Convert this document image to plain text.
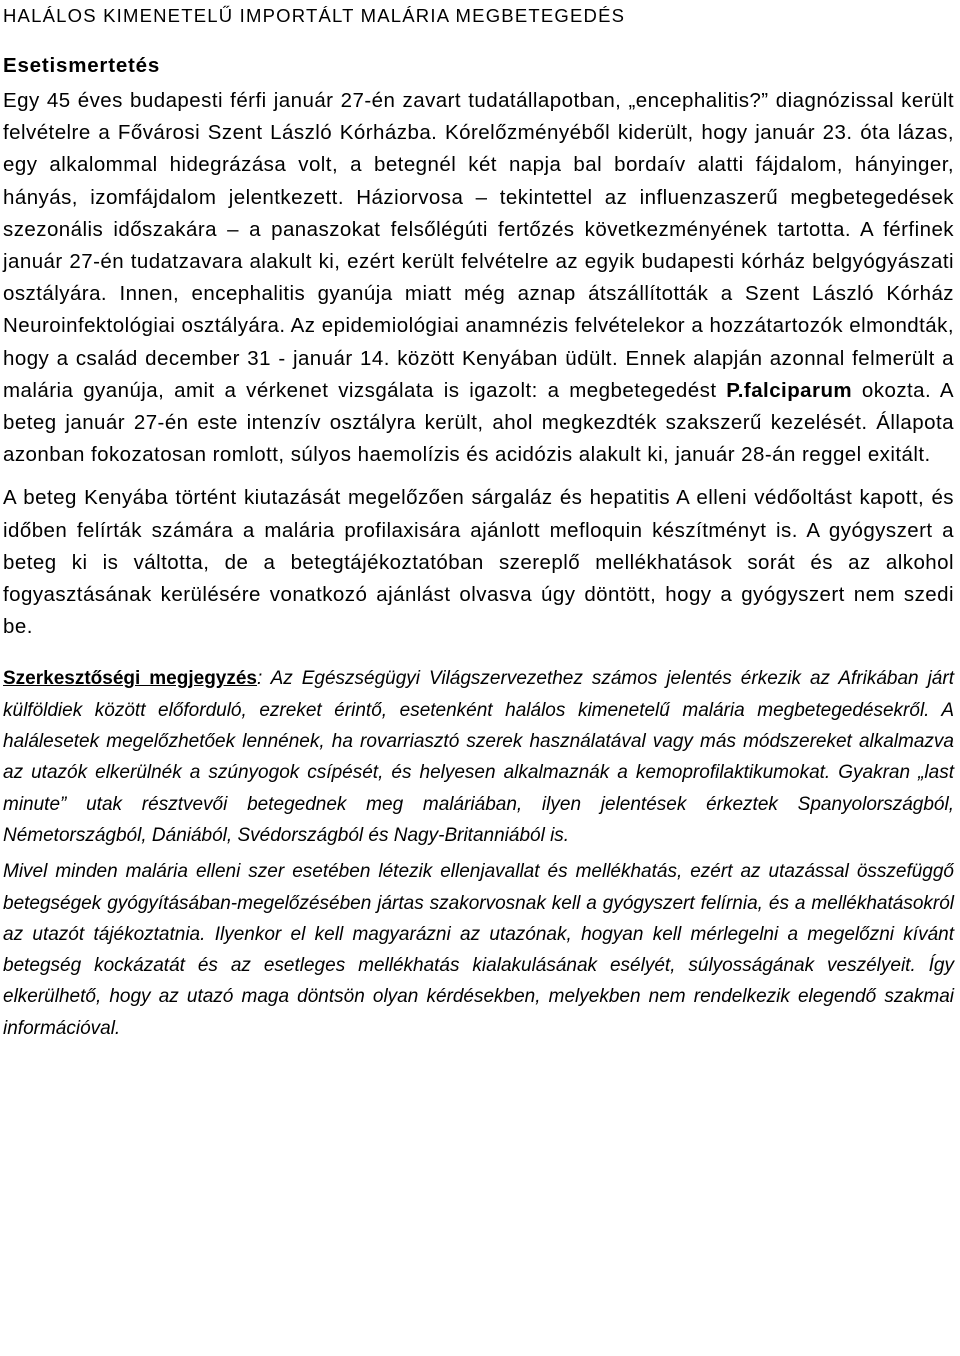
HALÁLOS KIMENETELŰ IMPORTÁLT MALÁRIA MEGBETEGEDÉS
Esetismertetés

Egy 45 éves budapesti férfi január 27-én zavart tudatállapotban, „encephalitis?” diagnózissal került felvételre a Fővárosi Szent László Kórházba. Kórelőzményéből kiderült, hogy január 23. óta lázas, egy alkalommal hidegrázása volt, a betegnél két napja bal bordaív alatti fájdalom, hányinger, hányás, izomfájdalom jelentkezett. Háziorvosa – tekintettel az influenzaszerű megbetegedések szezonális időszakára – a panaszokat felsőlégúti fertőzés következményének tartotta. A férfinek január 27-én tudatzavara alakult ki, ezért került felvételre az egyik budapesti kórház belgyógyászati osztályára. Innen, encephalitis gyanúja miatt még aznap átszállították a Szent László Kórház Neuroinfektológiai osztályára. Az epidemiológiai anamnézis felvételekor a hozzátartozók elmondták, hogy a család december 31 - január 14. között Kenyában üdült. Ennek alapján azonnal felmerült a malária gyanúja, amit a vérkenet vizsgálata is igazolt: a megbetegedést P.falciparum okozta. A beteg január 27-én este intenzív osztályra került, ahol megkezdték szakszerű kezelését. Állapota azonban fokozatosan romlott, súlyos haemolízis és acidózis alakult ki, január 28-án reggel exitált.

A beteg Kenyába történt kiutazását megelőzően sárgaláz és hepatitis A elleni védőoltást kapott, és időben felírták számára a malária profilaxisára ajánlott mefloquin készítményt is. A gyógyszert a beteg ki is váltotta, de a betegtájékoztatóban szereplő mellékhatások sorát és az alkohol fogyasztásának kerülésére vonatkozó ajánlást olvasva úgy döntött, hogy a gyógyszert nem szedi be.

Szerkesztőségi megjegyzés: Az Egészségügyi Világszervezethez számos jelentés érkezik az Afrikában járt külföldiek között előforduló, ezreket érintő, esetenként halálos kimenetelű malária megbetegedésekről. A halálesetek megelőzhetőek lennének, ha rovarriasztó szerek használatával vagy más módszereket alkalmazva az utazók elkerülnék a szúnyogok csípését, és helyesen alkalmaznák a kemoprofilaktikumokat. Gyakran „last minute” utak résztvevői betegednek meg maláriában, ilyen jelentések érkeztek Spanyolországból, Németországból, Dániából, Svédországból és Nagy-Britanniából is.

Mivel minden malária elleni szer esetében létezik ellenjavallat és mellékhatás, ezért az utazással összefüggő betegségek gyógyításában-megelőzésében jártas szakorvosnak kell a gyógyszert felírnia, és a mellékhatásokról az utazót tájékoztatnia. Ilyenkor el kell magyarázni az utazónak, hogyan kell mérlegelni a megelőzni kívánt betegség kockázatát és az esetleges mellékhatás kialakulásának esélyét, súlyosságának veszélyeit. Így elkerülhető, hogy az utazó maga döntsön olyan kérdésekben, melyekben nem rendelkezik elegendő szakmai információval.
